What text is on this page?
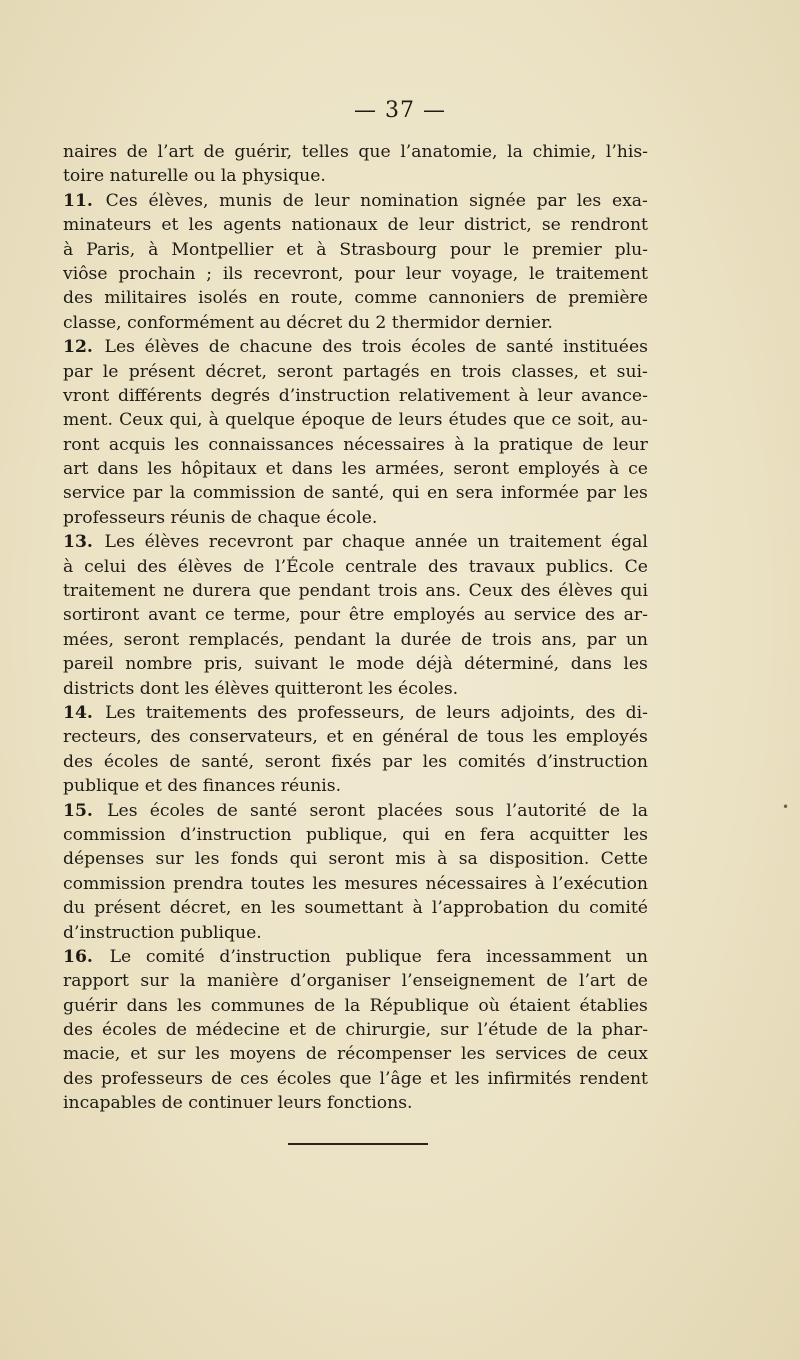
— 37 —
naires de l’art de guérir, telles que l’anatomie, la chimie, l’his-
toire naturelle ou la physique.
11. Ces élèves, munis de leur nomination signée par les exa-
minateurs et les agents nationaux de leur district, se rendront
à Paris, à Montpellier et à Strasbourg pour le premier plu-
viôse prochain ; ils recevront, pour leur voyage, le traitement
des militaires isolés en route, comme cannoniers de première
classe, conformément au décret du 2 thermidor dernier.
12. Les élèves de chacune des trois écoles de santé instituées
par le présent décret, seront partagés en trois classes, et sui-
vront différents degrés d’instruction relativement à leur avance-
ment. Ceux qui, à quelque époque de leurs études que ce soit, au-
ront acquis les connaissances nécessaires à la pratique de leur
art dans les hôpitaux et dans les armées, seront employés à ce
service par la commission de santé, qui en sera informée par les
professeurs réunis de chaque école.
13. Les élèves recevront par chaque année un traitement égal
à celui des élèves de l’École centrale des travaux publics. Ce
traitement ne durera que pendant trois ans. Ceux des élèves qui
sortiront avant ce terme, pour être employés au service des ar-
mées, seront remplacés, pendant la durée de trois ans, par un
pareil nombre pris, suivant le mode déjà déterminé, dans les
districts dont les élèves quitteront les écoles.
14. Les traitements des professeurs, de leurs adjoints, des di-
recteurs, des conservateurs, et en général de tous les employés
des écoles de santé, seront fixés par les comités d’instruction
publique et des finances réunis.
15. Les écoles de santé seront placées sous l’autorité de la
commission d’instruction publique, qui en fera acquitter les
dépenses sur les fonds qui seront mis à sa disposition. Cette
commission prendra toutes les mesures nécessaires à l’exécution
du présent décret, en les soumettant à l’approbation du comité
d’instruction publique.
16. Le comité d’instruction publique fera incessamment un
rapport sur la manière d’organiser l’enseignement de l’art de
guérir dans les communes de la République où étaient établies
des écoles de médecine et de chirurgie, sur l’étude de la phar-
macie, et sur les moyens de récompenser les services de ceux
des professeurs de ces écoles que l’âge et les infirmités rendent
incapables de continuer leurs fonctions.
•
